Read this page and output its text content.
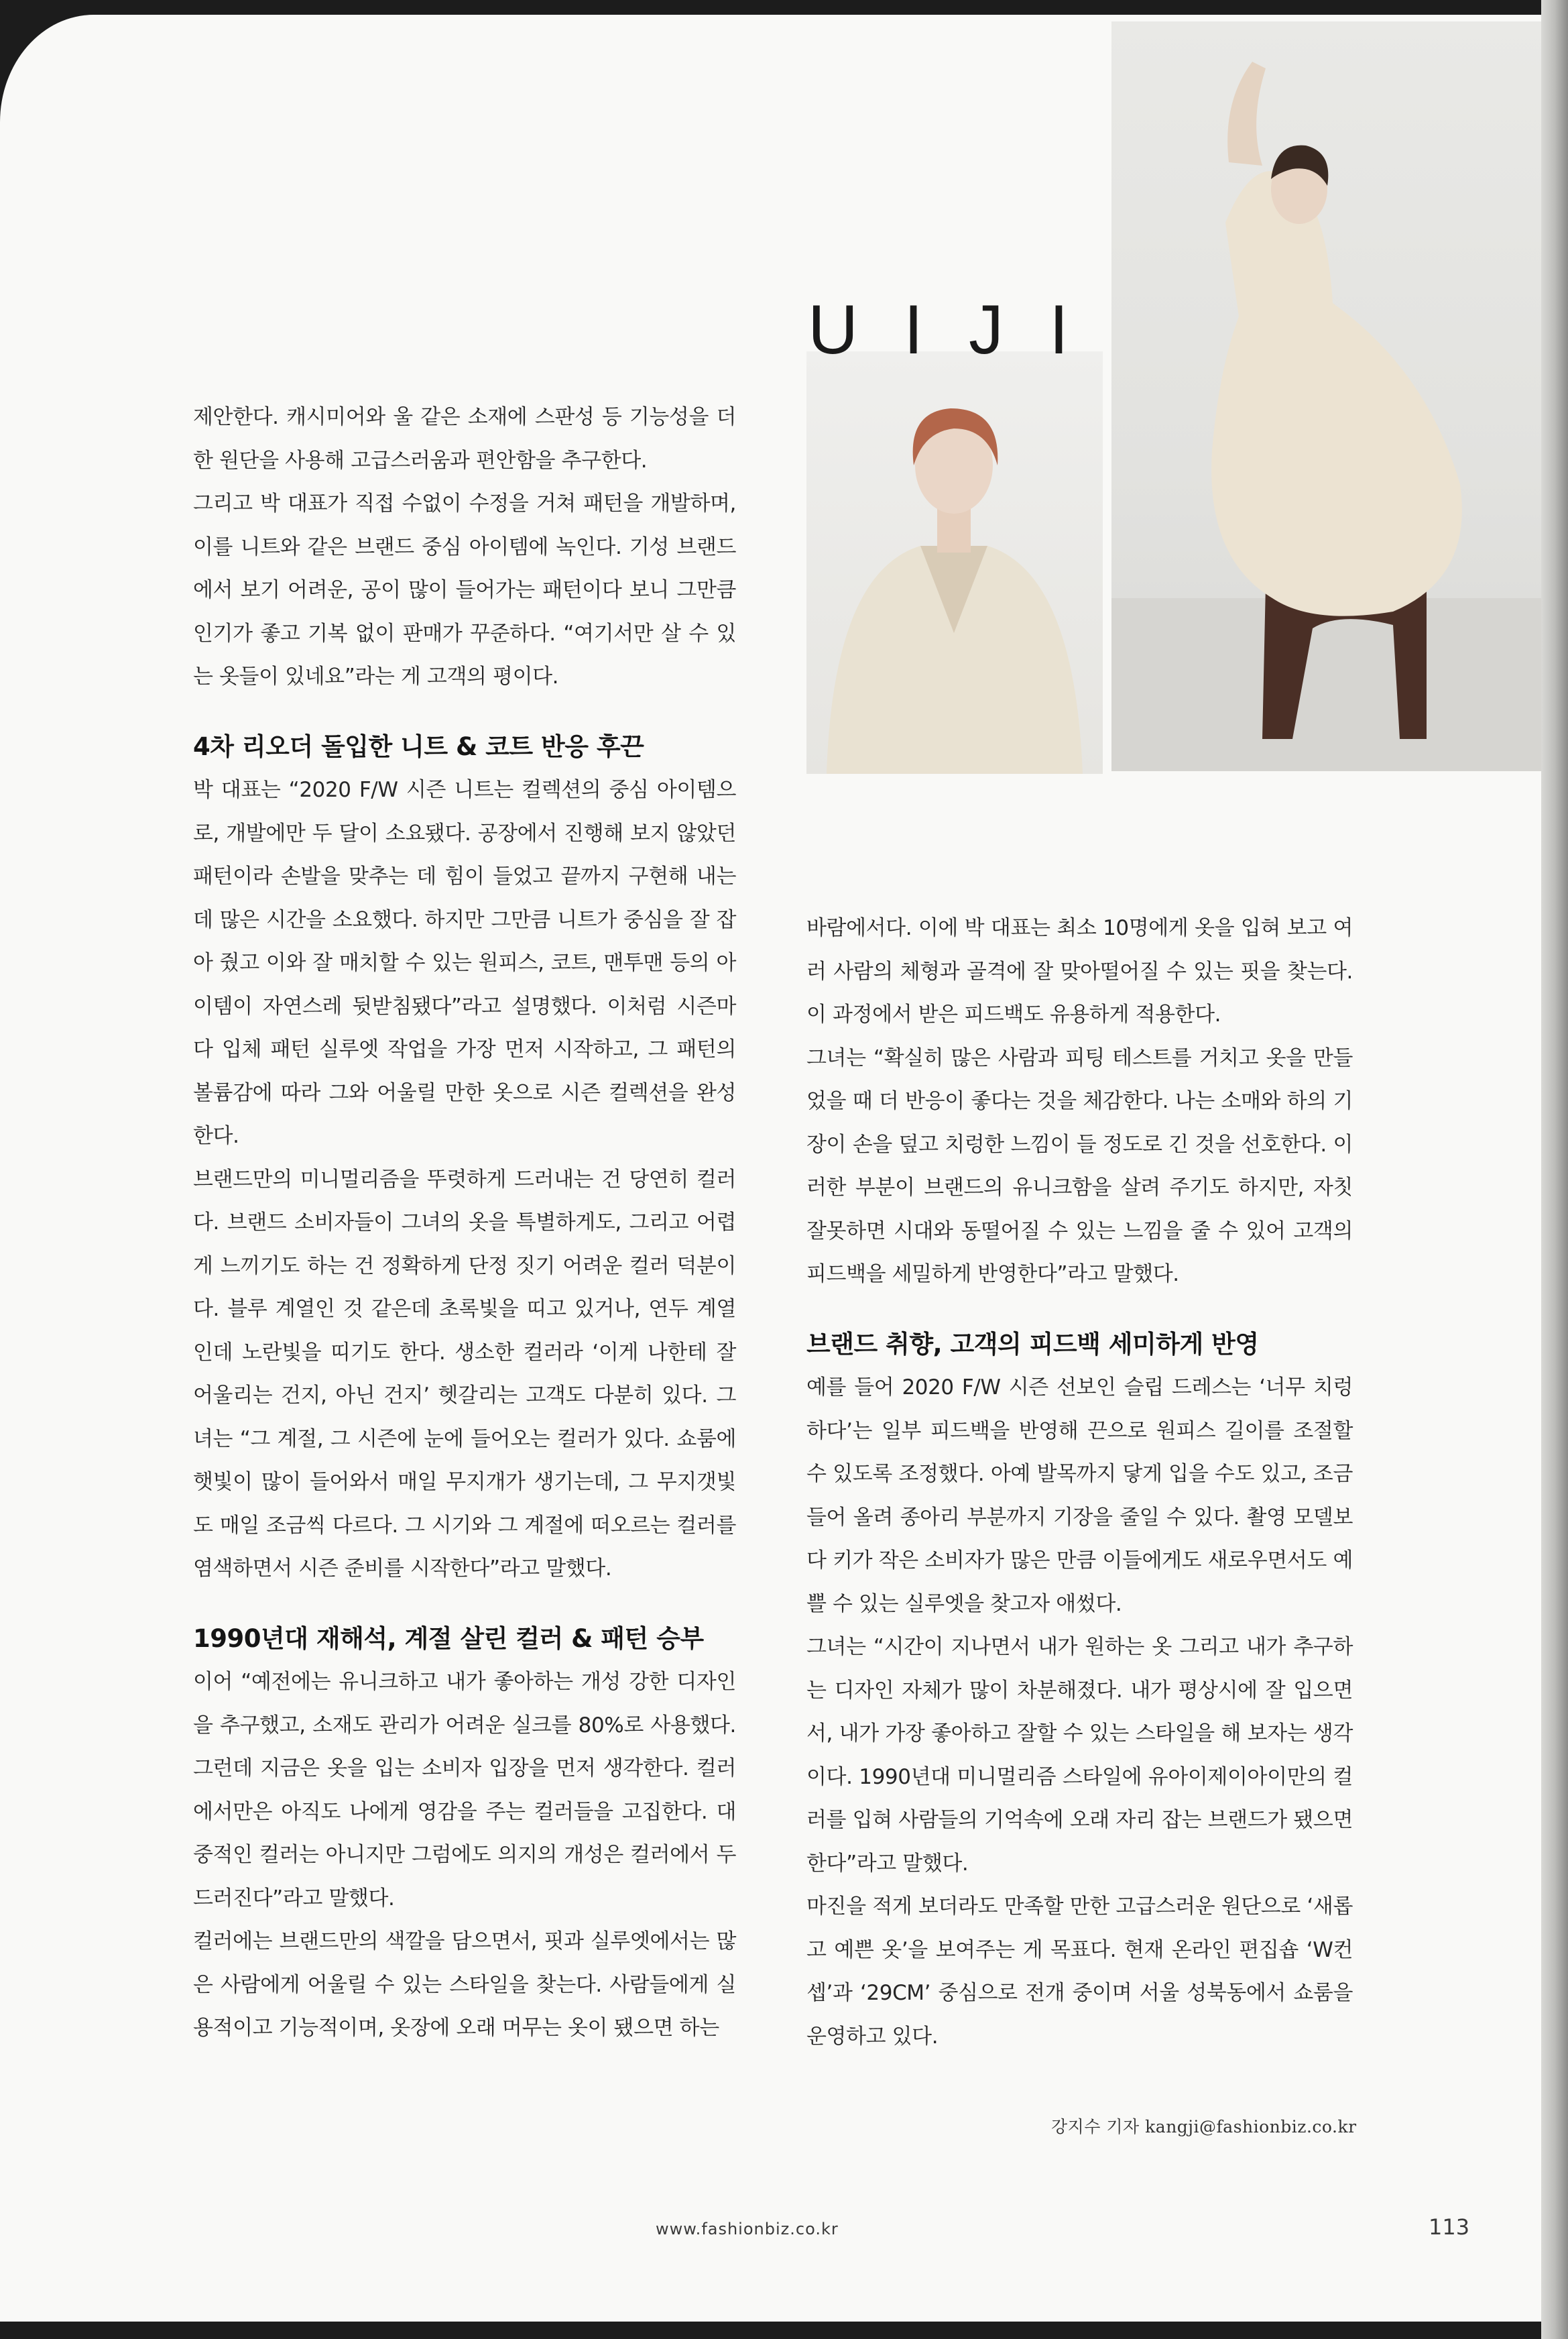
UIJI

제안한다. 캐시미어와 울 같은 소재에 스판성 등 기능성을 더 한 원단을 사용해 고급스러움과 편안함을 추구한다.

그리고 박 대표가 직접 수없이 수정을 거쳐 패턴을 개발하며, 이를 니트와 같은 브랜드 중심 아이템에 녹인다. 기성 브랜드에서 보기 어려운, 공이 많이 들어가는 패턴이다 보니 그만큼 인기가 좋고 기복 없이 판매가 꾸준하다. “여기서만 살 수 있는 옷들이 있네요”라는 게 고객의 평이다.

4차 리오더 돌입한 니트 & 코트 반응 후끈

박 대표는 “2020 F/W 시즌 니트는 컬렉션의 중심 아이템으로, 개발에만 두 달이 소요됐다. 공장에서 진행해 보지 않았던 패턴이라 손발을 맞추는 데 힘이 들었고 끝까지 구현해 내는 데 많은 시간을 소요했다. 하지만 그만큼 니트가 중심을 잘 잡아 줬고 이와 잘 매치할 수 있는 원피스, 코트, 맨투맨 등의 아이템이 자연스레 뒷받침됐다”라고 설명했다. 이처럼 시즌마다 입체 패턴 실루엣 작업을 가장 먼저 시작하고, 그 패턴의 볼륨감에 따라 그와 어울릴 만한 옷으로 시즌 컬렉션을 완성한다.

브랜드만의 미니멀리즘을 뚜렷하게 드러내는 건 당연히 컬러다. 브랜드 소비자들이 그녀의 옷을 특별하게도, 그리고 어렵게 느끼기도 하는 건 정확하게 단정 짓기 어려운 컬러 덕분이다. 블루 계열인 것 같은데 초록빛을 띠고 있거나, 연두 계열인데 노란빛을 띠기도 한다. 생소한 컬러라 ‘이게 나한테 잘 어울리는 건지, 아닌 건지’ 헷갈리는 고객도 다분히 있다. 그녀는 “그 계절, 그 시즌에 눈에 들어오는 컬러가 있다. 쇼룸에 햇빛이 많이 들어와서 매일 무지개가 생기는데, 그 무지갯빛도 매일 조금씩 다르다. 그 시기와 그 계절에 떠오르는 컬러를 염색하면서 시즌 준비를 시작한다”라고 말했다.

1990년대 재해석, 계절 살린 컬러 & 패턴 승부

이어 “예전에는 유니크하고 내가 좋아하는 개성 강한 디자인을 추구했고, 소재도 관리가 어려운 실크를 80%로 사용했다. 그런데 지금은 옷을 입는 소비자 입장을 먼저 생각한다. 컬러에서만은 아직도 나에게 영감을 주는 컬러들을 고집한다. 대중적인 컬러는 아니지만 그럼에도 의지의 개성은 컬러에서 두드러진다”라고 말했다.

컬러에는 브랜드만의 색깔을 담으면서, 핏과 실루엣에서는 많은 사람에게 어울릴 수 있는 스타일을 찾는다. 사람들에게 실용적이고 기능적이며, 옷장에 오래 머무는 옷이 됐으면 하는

바람에서다. 이에 박 대표는 최소 10명에게 옷을 입혀 보고 여러 사람의 체형과 골격에 잘 맞아떨어질 수 있는 핏을 찾는다. 이 과정에서 받은 피드백도 유용하게 적용한다.

그녀는 “확실히 많은 사람과 피팅 테스트를 거치고 옷을 만들었을 때 더 반응이 좋다는 것을 체감한다. 나는 소매와 하의 기장이 손을 덮고 치렁한 느낌이 들 정도로 긴 것을 선호한다. 이러한 부분이 브랜드의 유니크함을 살려 주기도 하지만, 자칫 잘못하면 시대와 동떨어질 수 있는 느낌을 줄 수 있어 고객의 피드백을 세밀하게 반영한다”라고 말했다.

브랜드 취향, 고객의 피드백 세미하게 반영

예를 들어 2020 F/W 시즌 선보인 슬립 드레스는 ‘너무 치렁하다’는 일부 피드백을 반영해 끈으로 원피스 길이를 조절할 수 있도록 조정했다. 아예 발목까지 닿게 입을 수도 있고, 조금 들어 올려 종아리 부분까지 기장을 줄일 수 있다. 촬영 모델보다 키가 작은 소비자가 많은 만큼 이들에게도 새로우면서도 예쁠 수 있는 실루엣을 찾고자 애썼다.

그녀는 “시간이 지나면서 내가 원하는 옷 그리고 내가 추구하는 디자인 자체가 많이 차분해졌다. 내가 평상시에 잘 입으면서, 내가 가장 좋아하고 잘할 수 있는 스타일을 해 보자는 생각이다. 1990년대 미니멀리즘 스타일에 유아이제이아이만의 컬러를 입혀 사람들의 기억속에 오래 자리 잡는 브랜드가 됐으면 한다”라고 말했다.

마진을 적게 보더라도 만족할 만한 고급스러운 원단으로 ‘새롭고 예쁜 옷’을 보여주는 게 목표다. 현재 온라인 편집숍 ‘W컨셉’과 ‘29CM’ 중심으로 전개 중이며 서울 성북동에서 쇼룸을 운영하고 있다.

강지수 기자 kangji@fashionbiz.co.kr
www.fashionbiz.co.kr	113
